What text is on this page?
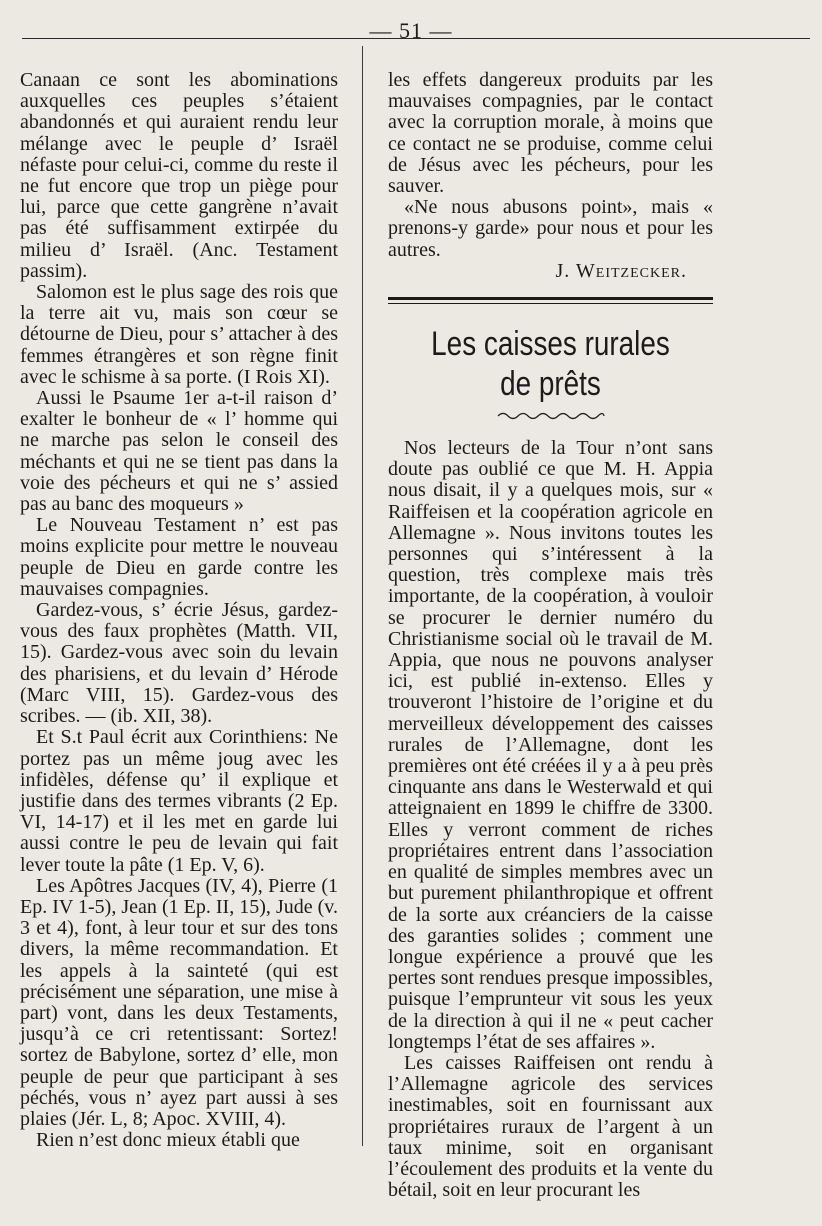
— 51 —

Canaan ce sont les abominations auxquelles ces peuples s’étaient abandonnés et qui auraient rendu leur mélange avec le peuple d’ Israël néfaste pour celui-ci, comme du reste il ne fut encore que trop un piège pour lui, parce que cette gangrène n’avait pas été suffisamment extirpée du milieu d’ Israël. (Anc. Testament passim).

Salomon est le plus sage des rois que la terre ait vu, mais son cœur se détourne de Dieu, pour s’ attacher à des femmes étrangères et son règne finit avec le schisme à sa porte. (I Rois XI).

Aussi le Psaume 1er a-t-il raison d’ exalter le bonheur de « l’ homme qui ne marche pas selon le conseil des méchants et qui ne se tient pas dans la voie des pécheurs et qui ne s’ assied pas au banc des moqueurs »

Le Nouveau Testament n’ est pas moins explicite pour mettre le nouveau peuple de Dieu en garde contre les mauvaises compagnies.

Gardez-vous, s’ écrie Jésus, gardez-vous des faux prophètes (Matth. VII, 15). Gardez-vous avec soin du levain des pharisiens, et du levain d’ Hérode (Marc VIII, 15). Gardez-vous des scribes. — (ib. XII, 38).

Et S.t Paul écrit aux Corinthiens: Ne portez pas un même joug avec les infidèles, défense qu’ il explique et justifie dans des termes vibrants (2 Ep. VI, 14-17) et il les met en garde lui aussi contre le peu de levain qui fait lever toute la pâte (1 Ep. V, 6).

Les Apôtres Jacques (IV, 4), Pierre (1 Ep. IV 1-5), Jean (1 Ep. II, 15), Jude (v. 3 et 4), font, à leur tour et sur des tons divers, la même recommandation. Et les appels à la sainteté (qui est précisément une séparation, une mise à part) vont, dans les deux Testaments, jusqu’à ce cri retentissant: Sortez! sortez de Babylone, sortez d’ elle, mon peuple de peur que participant à ses péchés, vous n’ ayez part aussi à ses plaies (Jér. L, 8; Apoc. XVIII, 4).

Rien n’est donc mieux établi que

les effets dangereux produits par les mauvaises compagnies, par le contact avec la corruption morale, à moins que ce contact ne se produise, comme celui de Jésus avec les pécheurs, pour les sauver.

«Ne nous abusons point», mais « prenons-y garde» pour nous et pour les autres.

J. Weitzecker.

Les caisses rurales de prêts

Nos lecteurs de la Tour n’ont sans doute pas oublié ce que M. H. Appia nous disait, il y a quelques mois, sur « Raiffeisen et la coopération agricole en Allemagne ». Nous invitons toutes les personnes qui s’intéressent à la question, très complexe mais très importante, de la coopération, à vouloir se procurer le dernier numéro du Christianisme social où le travail de M. Appia, que nous ne pouvons analyser ici, est publié in-extenso. Elles y trouveront l’histoire de l’origine et du merveilleux développement des caisses rurales de l’Allemagne, dont les premières ont été créées il y a à peu près cinquante ans dans le Westerwald et qui atteignaient en 1899 le chiffre de 3300. Elles y verront comment de riches propriétaires entrent dans l’association en qualité de simples membres avec un but purement philanthropique et offrent de la sorte aux créanciers de la caisse des garanties solides ; comment une longue expérience a prouvé que les pertes sont rendues presque impossibles, puisque l’emprunteur vit sous les yeux de la direction à qui il ne « peut cacher longtemps l’état de ses affaires ».

Les caisses Raiffeisen ont rendu à l’Allemagne agricole des services inestimables, soit en fournissant aux propriétaires ruraux de l’argent à un taux minime, soit en organisant l’écoulement des produits et la vente du bétail, soit en leur procurant les
